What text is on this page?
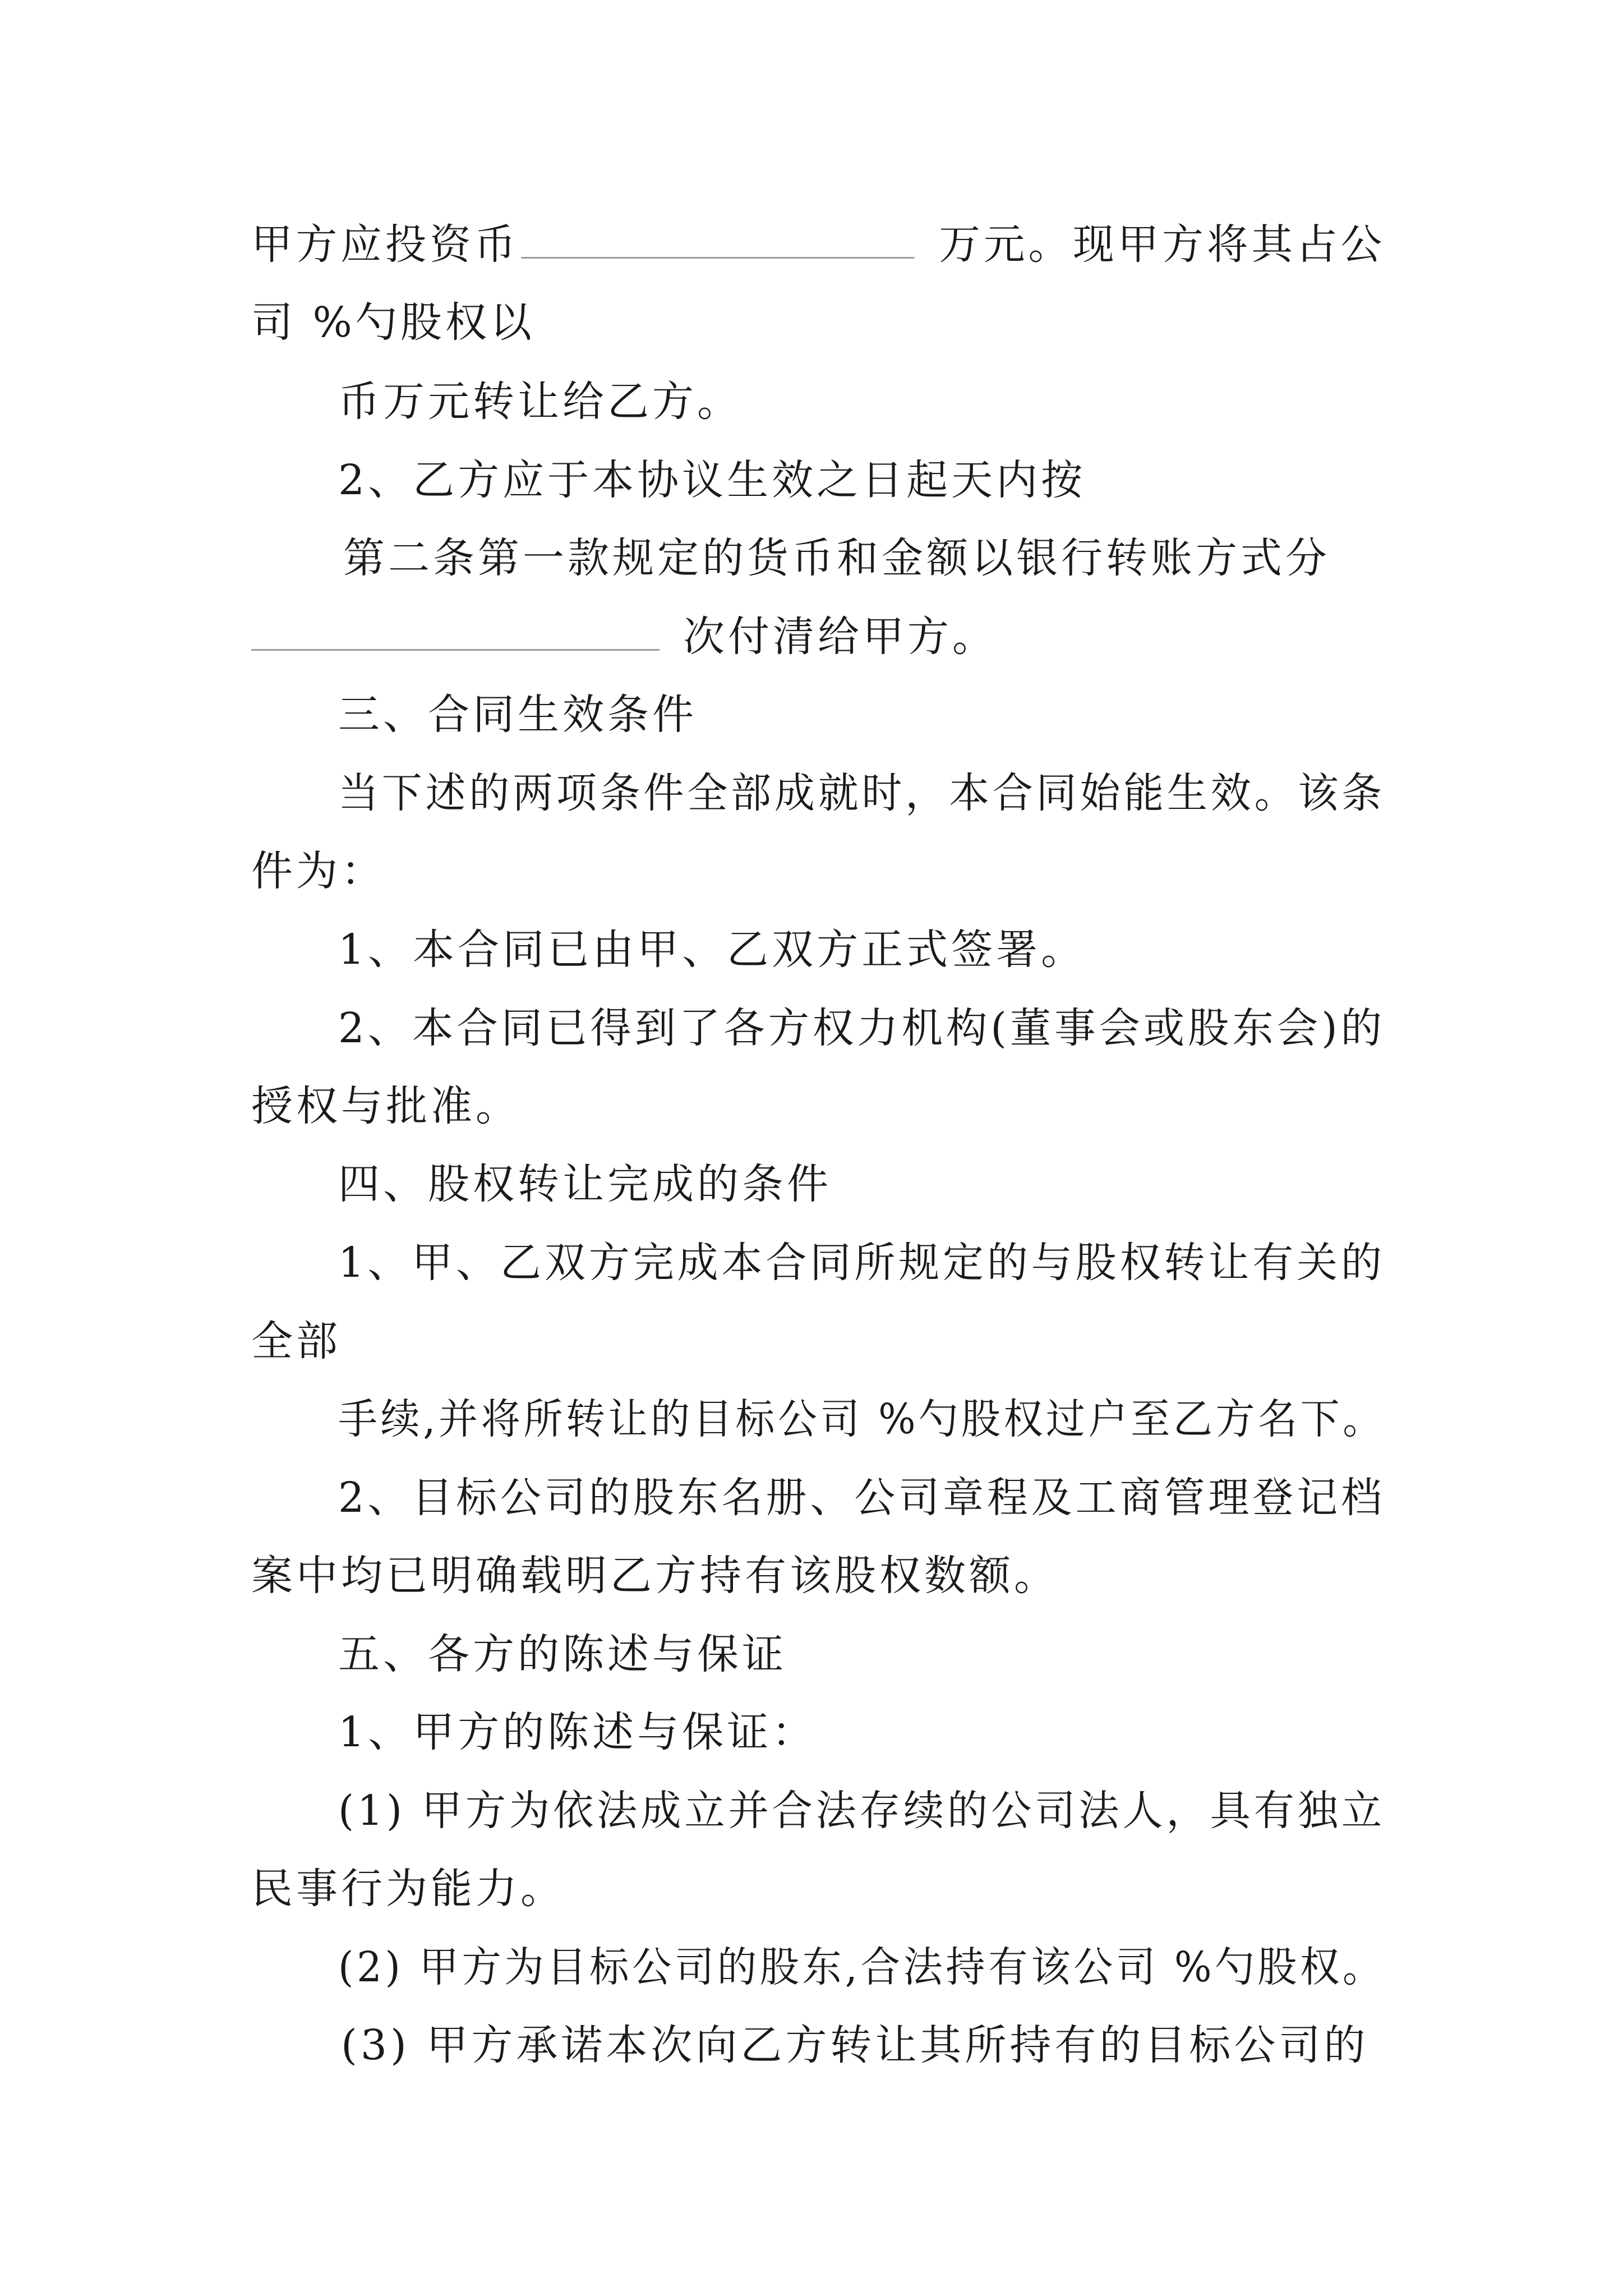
甲方应投资币	万元。现甲方将其占公
司 %勺股权以
币万元转让给乙方。
2、乙方应于本协议生效之日起天内按
第二条第一款规定的货币和金额以银行转账方式分
次付清给甲方。
三、合同生效条件
当下述的两项条件全部成就时，本合同始能生效。该条
件为：
1、本合同已由甲、乙双方正式签署。
2、本合同已得到了各方权力机构(董事会或股东会)的
授权与批准。
四、股权转让完成的条件
1、甲、乙双方完成本合同所规定的与股权转让有关的
全部
手续,并将所转让的目标公司 %勺股权过户至乙方名下。
2、目标公司的股东名册、公司章程及工商管理登记档
案中均已明确载明乙方持有该股权数额。
五、各方的陈述与保证
1、甲方的陈述与保证：
(1) 甲方为依法成立并合法存续的公司法人，具有独立
民事行为能力。
(2) 甲方为目标公司的股东,合法持有该公司 %勺股权。
(3) 甲方承诺本次向乙方转让其所持有的目标公司的
